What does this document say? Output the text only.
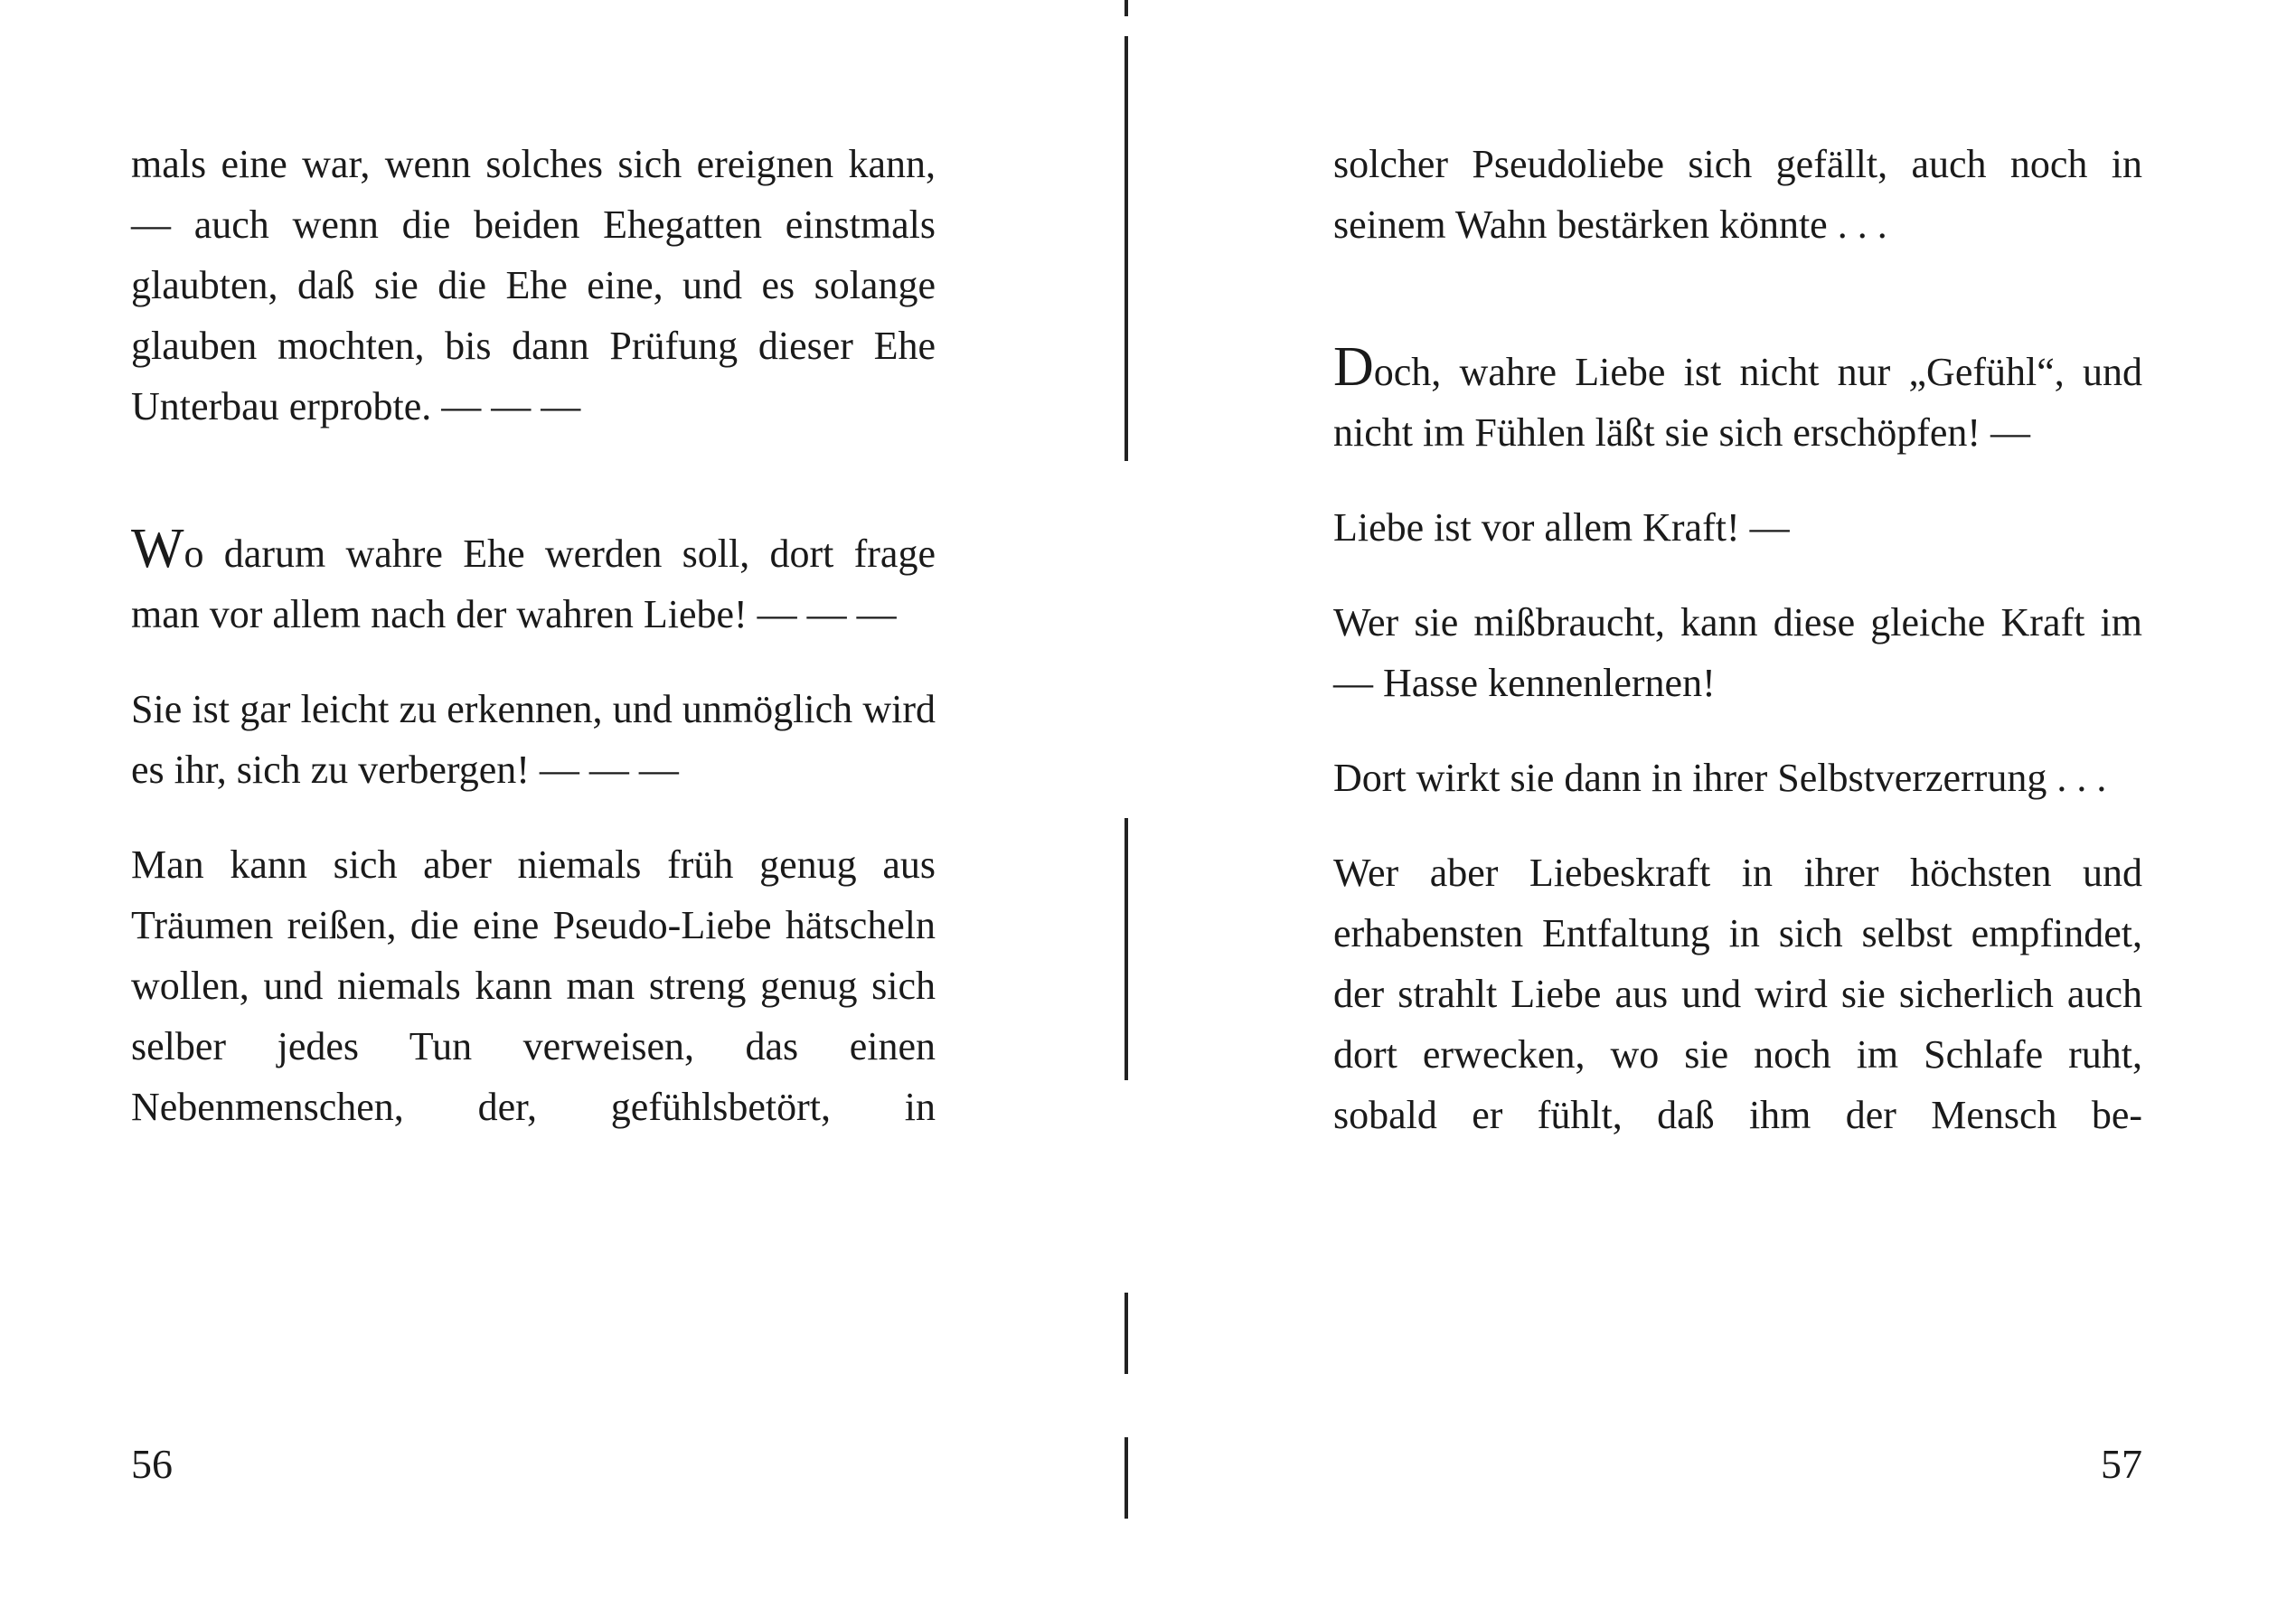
mals eine war, wenn solches sich ereignen kann, — auch wenn die beiden Ehegatten einstmals glaubten, daß sie die Ehe eine, und es solange glauben mochten, bis dann Prüfung dieser Ehe Unterbau erprobte. — — —

Wo darum wahre Ehe werden soll, dort frage man vor allem nach der wahren Liebe! — — —

Sie ist gar leicht zu erkennen, und unmöglich wird es ihr, sich zu verbergen! — — —

Man kann sich aber niemals früh genug aus Träumen reißen, die eine Pseudo-Liebe hätscheln wollen, und niemals kann man streng genug sich selber jedes Tun verweisen, das einen Nebenmenschen, der, gefühlsbetört, in

56

solcher Pseudoliebe sich gefällt, auch noch in seinem Wahn bestärken könnte . . .

Doch, wahre Liebe ist nicht nur „Gefühl“, und nicht im Fühlen läßt sie sich erschöpfen! —

Liebe ist vor allem Kraft! —

Wer sie mißbraucht, kann diese gleiche Kraft im — Hasse kennenlernen!

Dort wirkt sie dann in ihrer Selbstverzerrung . . .

Wer aber Liebeskraft in ihrer höchsten und erhabensten Entfaltung in sich selbst empfindet, der strahlt Liebe aus und wird sie sicherlich auch dort erwecken, wo sie noch im Schlafe ruht, sobald er fühlt, daß ihm der Mensch be-

57
